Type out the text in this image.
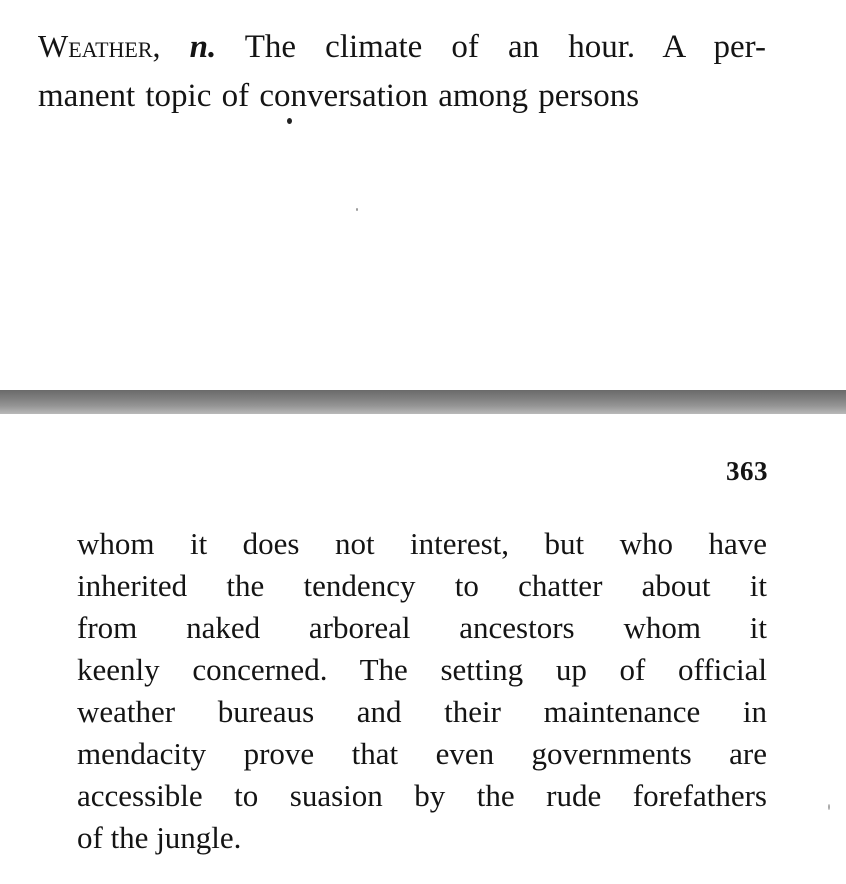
Weather, n. The climate of an hour. A per-
manent topic of conversation among persons
363
whom it does not interest, but who have
inherited the tendency to chatter about it
from naked arboreal ancestors whom it
keenly concerned. The setting up of official
weather bureaus and their maintenance in
mendacity prove that even governments are
accessible to suasion by the rude forefathers
of the jungle.
